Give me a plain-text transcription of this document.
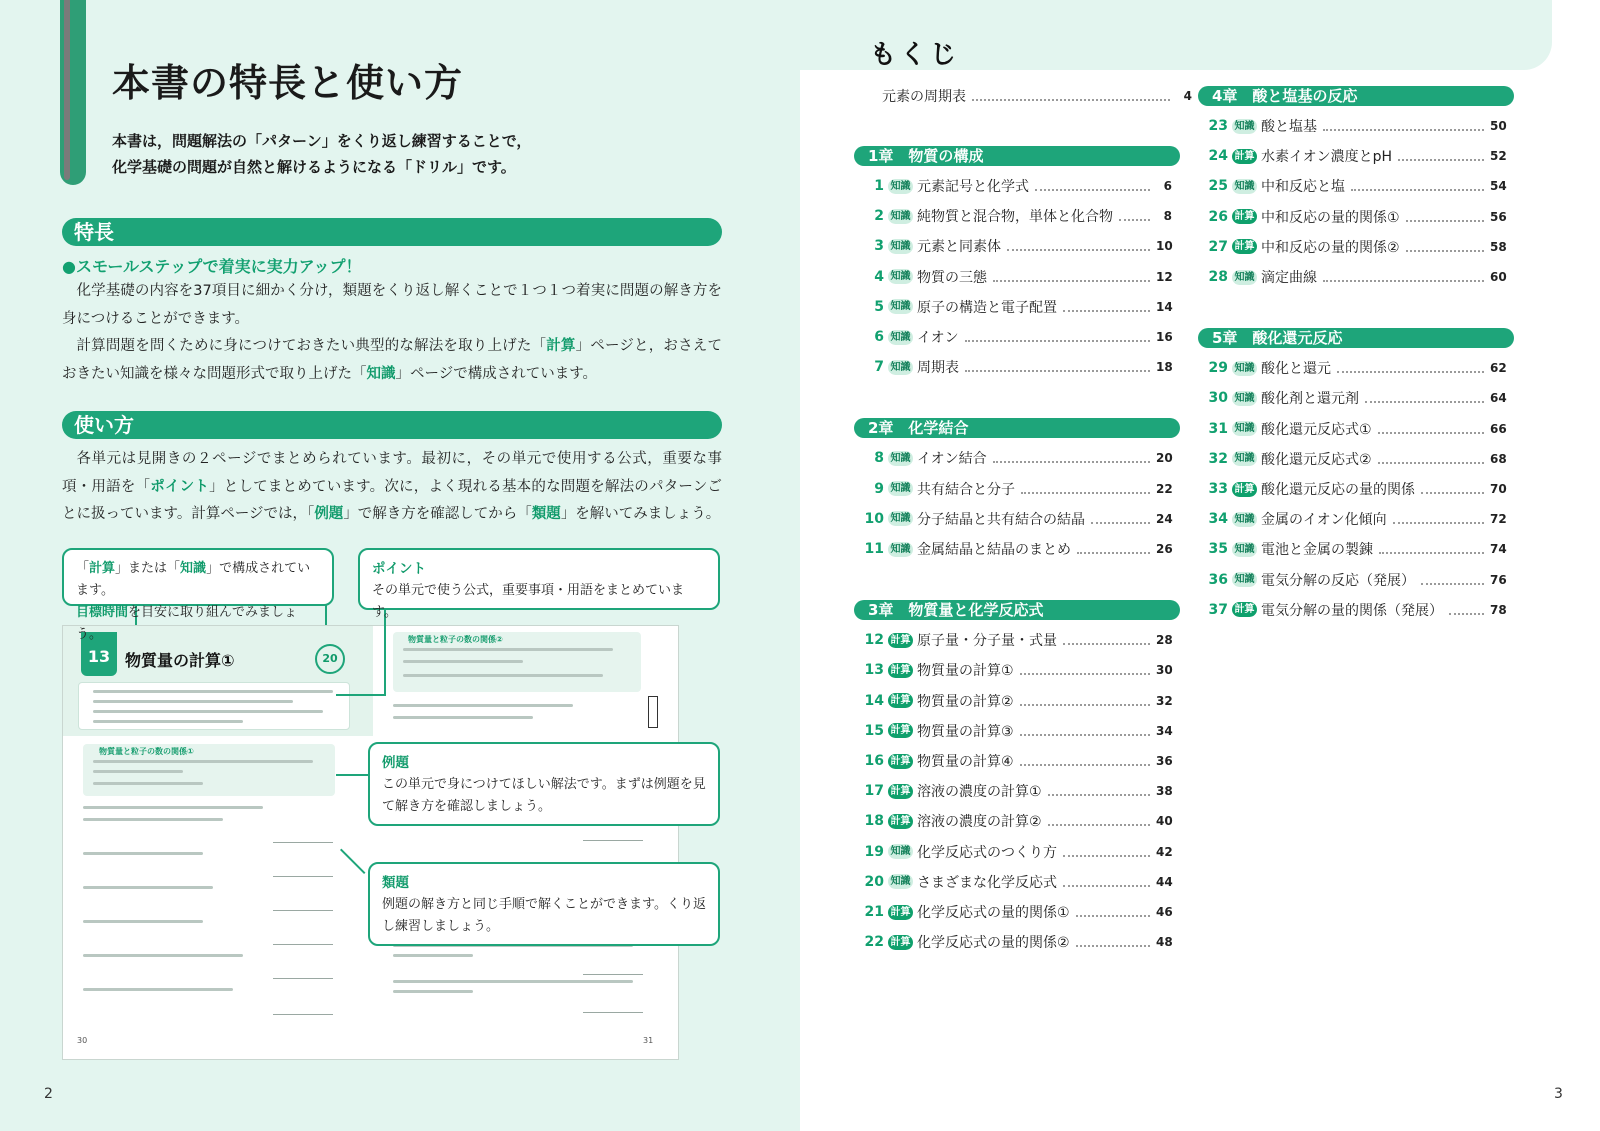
本書の特長と使い方
本書は，問題解法の「パターン」をくり返し練習することで，
化学基礎の問題が自然と解けるようになる「ドリル」です。
特長
●スモールステップで着実に実力アップ！

化学基礎の内容を37項目に細かく分け，類題をくり返し解くことで１つ１つ着実に問題の解き方を身につけることができます。

計算問題を問くために身につけておきたい典型的な解法を取り上げた「計算」ページと，おさえておきたい知識を様々な問題形式で取り上げた「知識」ページで構成されています。

使い方

各単元は見開きの２ページでまとめられています。最初に，その単元で使用する公式，重要な事項・用語を「ポイント」としてまとめています。次に，よく現れる基本的な問題を解法のパターンごとに扱っています。計算ページでは，「例題」で解き方を確認してから「類題」を解いてみましょう。

13 物質量の計算①	20
物質量と粒子の数の関係①
物質量と粒子の数の関係②
30	31
「計算」または「知識」で構成されています。
目標時間を目安に取り組んでみましょう。
ポイント
その単元で使う公式，重要事項・用語をまとめています。
例題
この単元で身につけてほしい解法です。まずは例題を見て解き方を確認しましょう。
類題
例題の解き方と同じ手順で解くことができます。くり返し練習しましょう。
2
もくじ
元素の周期表	4
1章　物質の構成
1 知識 元素記号と化学式	6
2 知識 純物質と混合物，単体と化合物	8
3 知識 元素と同素体	10
4 知識 物質の三態	12
5 知識 原子の構造と電子配置	14
6 知識 イオン	16
7 知識 周期表	18
2章　化学結合
8 知識 イオン結合	20
9 知識 共有結合と分子	22
10 知識 分子結晶と共有結合の結晶	24
11 知識 金属結晶と結晶のまとめ	26
3章　物質量と化学反応式
12 計算 原子量・分子量・式量	28
13 計算 物質量の計算①	30
14 計算 物質量の計算②	32
15 計算 物質量の計算③	34
16 計算 物質量の計算④	36
17 計算 溶液の濃度の計算①	38
18 計算 溶液の濃度の計算②	40
19 知識 化学反応式のつくり方	42
20 知識 さまざまな化学反応式	44
21 計算 化学反応式の量的関係①	46
22 計算 化学反応式の量的関係②	48
4章　酸と塩基の反応
23 知識 酸と塩基	50
24 計算 水素イオン濃度とpH	52
25 知識 中和反応と塩	54
26 計算 中和反応の量的関係①	56
27 計算 中和反応の量的関係②	58
28 知識 滴定曲線	60
5章　酸化還元反応
29 知識 酸化と還元	62
30 知識 酸化剤と還元剤	64
31 知識 酸化還元反応式①	66
32 知識 酸化還元反応式②	68
33 計算 酸化還元反応の量的関係	70
34 知識 金属のイオン化傾向	72
35 知識 電池と金属の製錬	74
36 知識 電気分解の反応（発展）	76
37 計算 電気分解の量的関係（発展）	78
3
